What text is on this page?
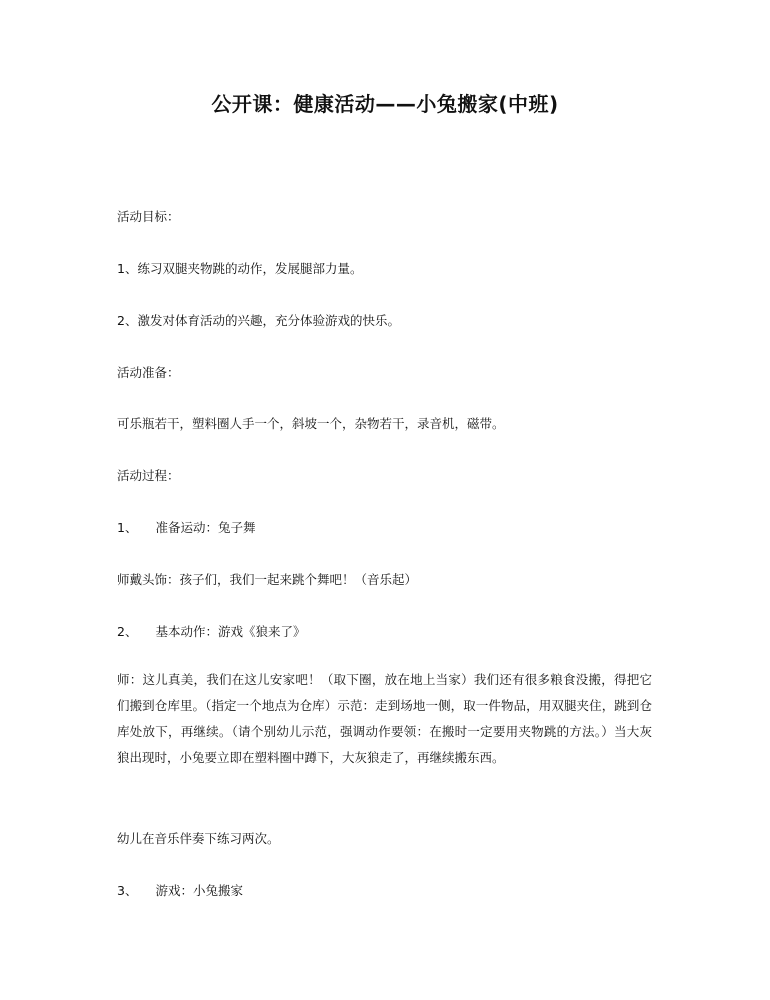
公开课：健康活动——小兔搬家(中班)
活动目标：
1、练习双腿夹物跳的动作，发展腿部力量。
2、激发对体育活动的兴趣，充分体验游戏的快乐。
活动准备：
可乐瓶若干，塑料圈人手一个，斜坡一个，杂物若干，录音机，磁带。
活动过程：
1、 准备运动：兔子舞
师戴头饰：孩子们，我们一起来跳个舞吧！（音乐起）
2、 基本动作：游戏《狼来了》
师：这儿真美，我们在这儿安家吧！（取下圈，放在地上当家）我们还有很多粮食没搬，得把它们搬到仓库里。（指定一个地点为仓库）示范：走到场地一侧，取一件物品，用双腿夹住，跳到仓库处放下，再继续。（请个别幼儿示范，强调动作要领：在搬时一定要用夹物跳的方法。）当大灰狼出现时，小兔要立即在塑料圈中蹲下，大灰狼走了，再继续搬东西。
幼儿在音乐伴奏下练习两次。
3、 游戏：小兔搬家
